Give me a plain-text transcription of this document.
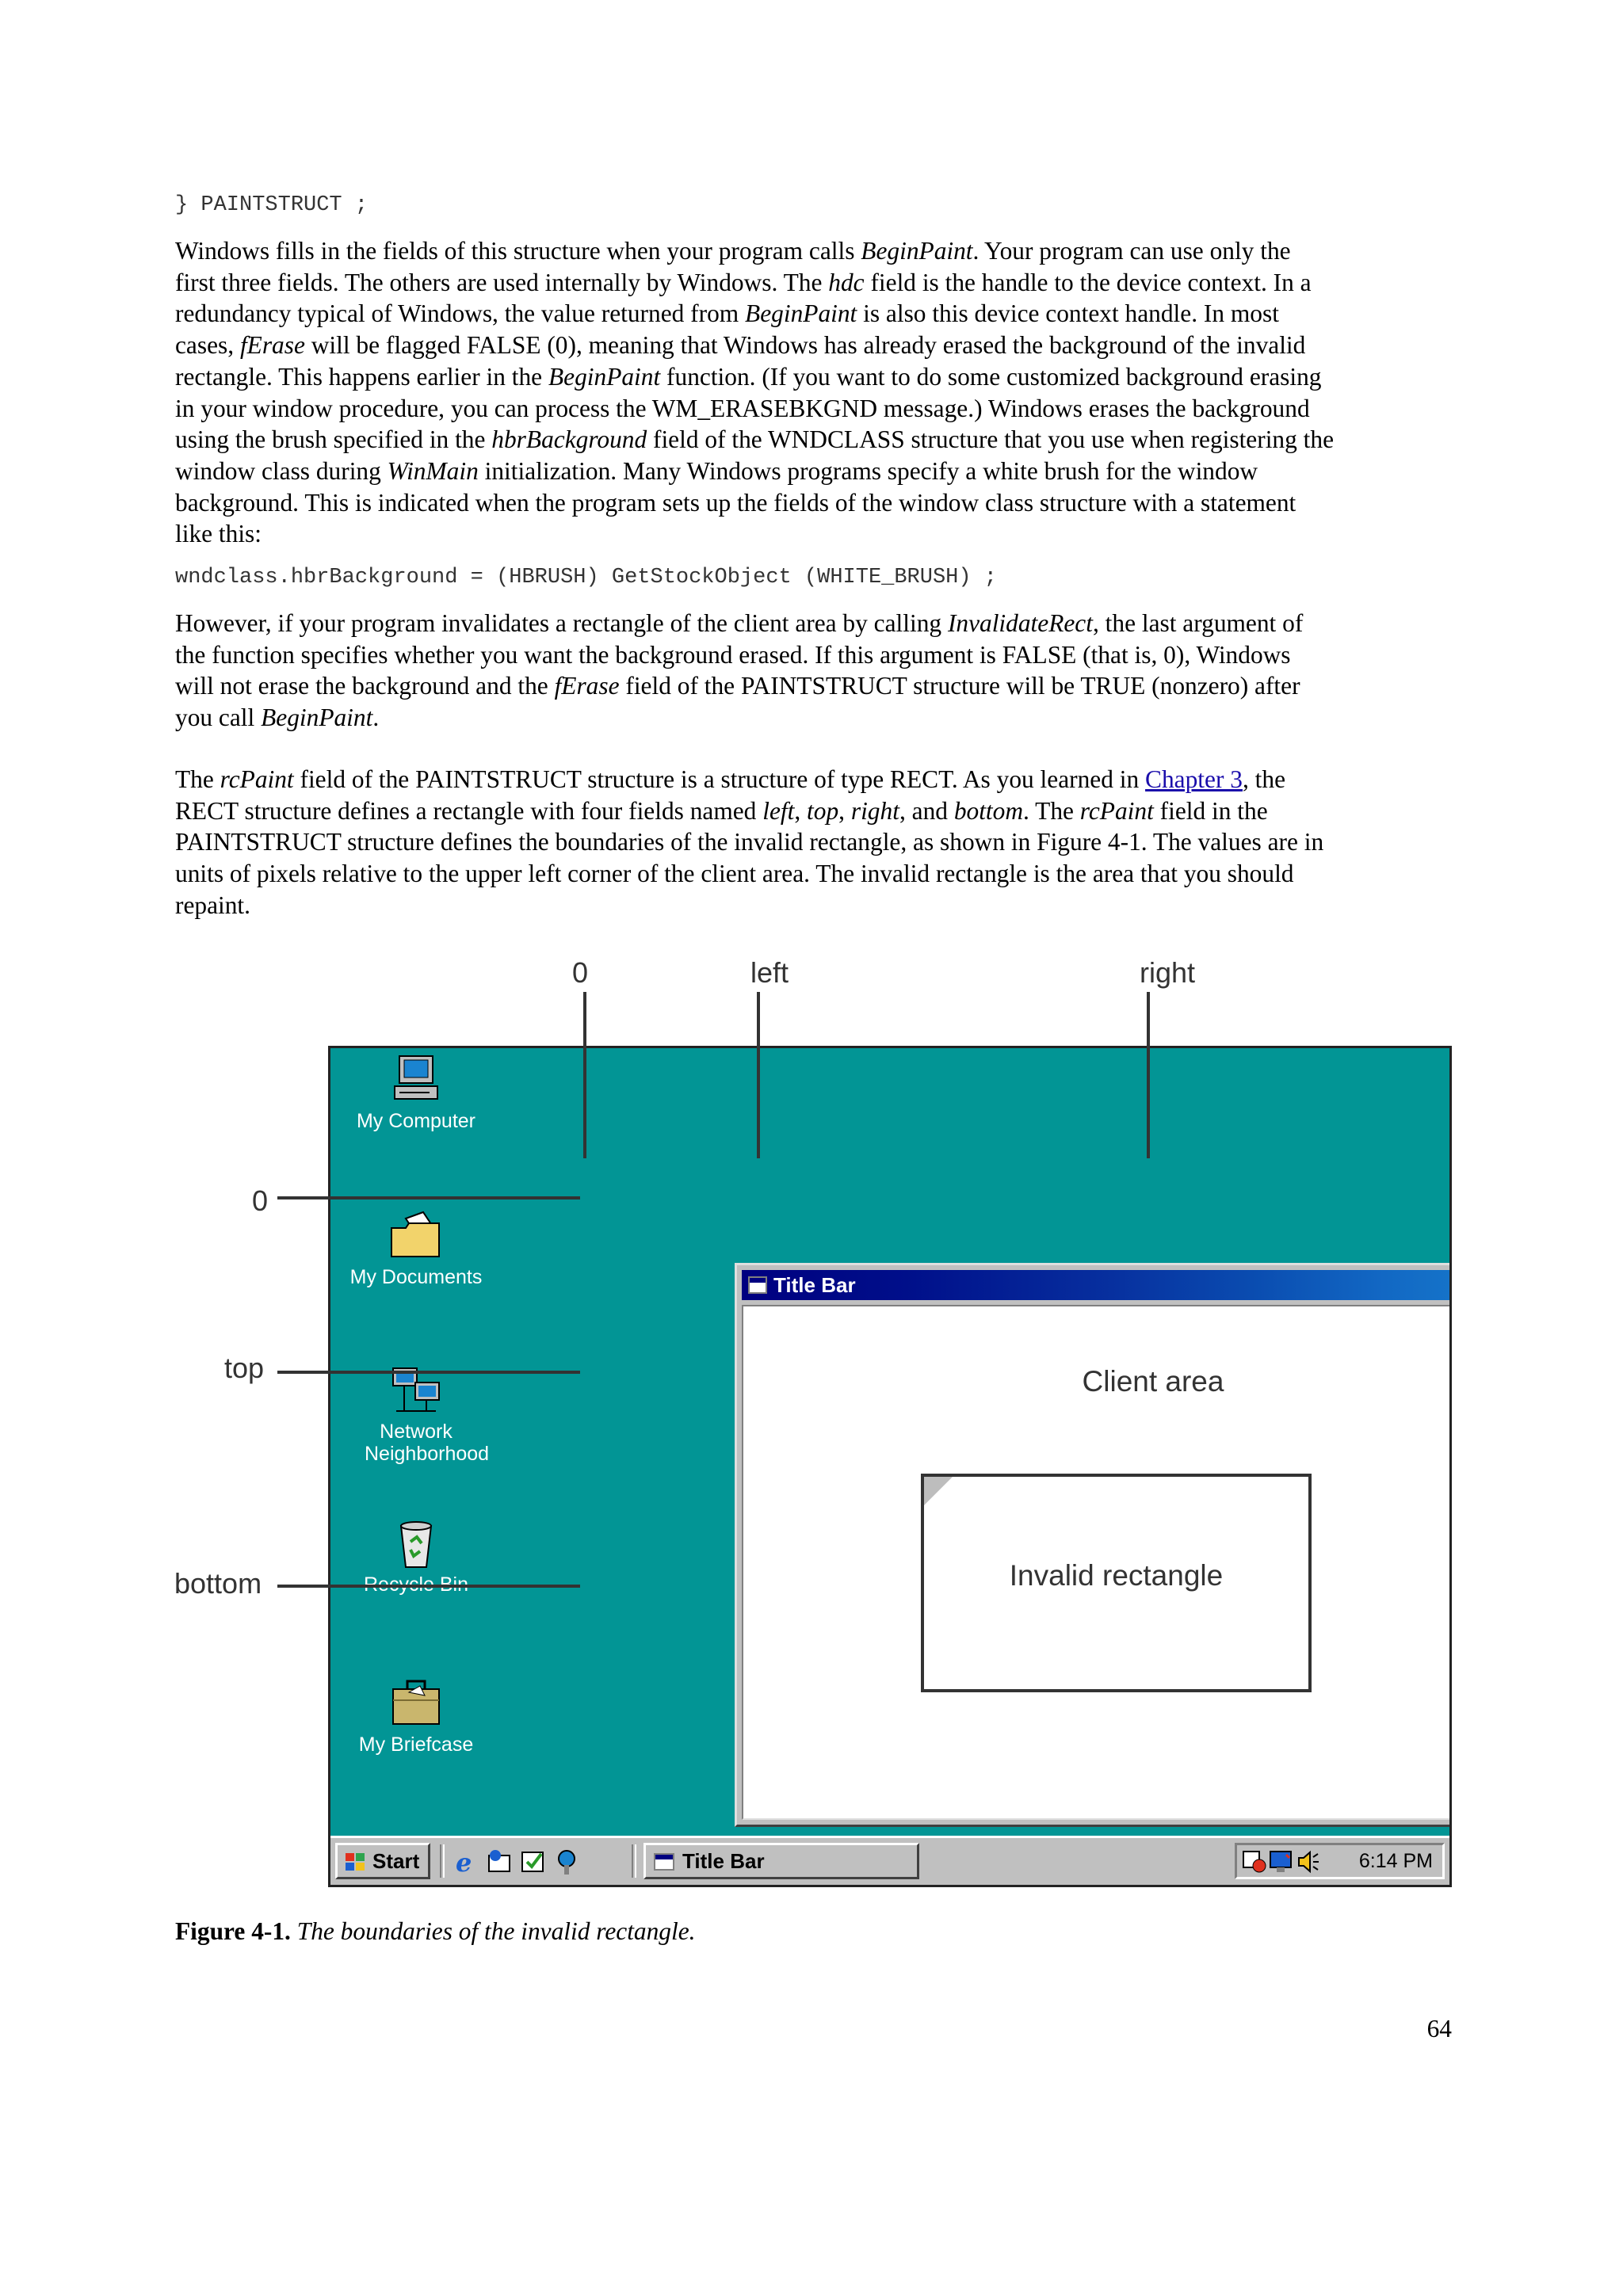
} PAINTSTRUCT ;

Windows fills in the fields of this structure when your program calls BeginPaint. Your program can use only the
first three fields. The others are used internally by Windows. The hdc field is the handle to the device context. In a
redundancy typical of Windows, the value returned from BeginPaint is also this device context handle. In most
cases, fErase will be flagged FALSE (0), meaning that Windows has already erased the background of the invalid
rectangle. This happens earlier in the BeginPaint function. (If you want to do some customized background erasing
in your window procedure, you can process the WM_ERASEBKGND message.) Windows erases the background
using the brush specified in the hbrBackground field of the WNDCLASS structure that you use when registering the
window class during WinMain initialization. Many Windows programs specify a white brush for the window
background. This is indicated when the program sets up the fields of the window class structure with a statement
like this:

wndclass.hbrBackground = (HBRUSH) GetStockObject (WHITE_BRUSH) ;

However, if your program invalidates a rectangle of the client area by calling InvalidateRect, the last argument of
the function specifies whether you want the background erased. If this argument is FALSE (that is, 0), Windows
will not erase the background and the fErase field of the PAINTSTRUCT structure will be TRUE (nonzero) after
you call BeginPaint.

The rcPaint field of the PAINTSTRUCT structure is a structure of type RECT. As you learned in Chapter 3, the
RECT structure defines a rectangle with four fields named left, top, right, and bottom. The rcPaint field in the
PAINTSTRUCT structure defines the boundaries of the invalid rectangle, as shown in Figure 4-1. The values are in
units of pixels relative to the upper left corner of the client area. The invalid rectangle is the area that you should
repaint.

0	left	right
0
top
bottom
My Computer
My Documents
Network Neighborhood
My Briefcase
Title Bar
Client area
Invalid rectangle
Start	e	Title Bar	6:14 PM
Figure 4-1. The boundaries of the invalid rectangle.
64
